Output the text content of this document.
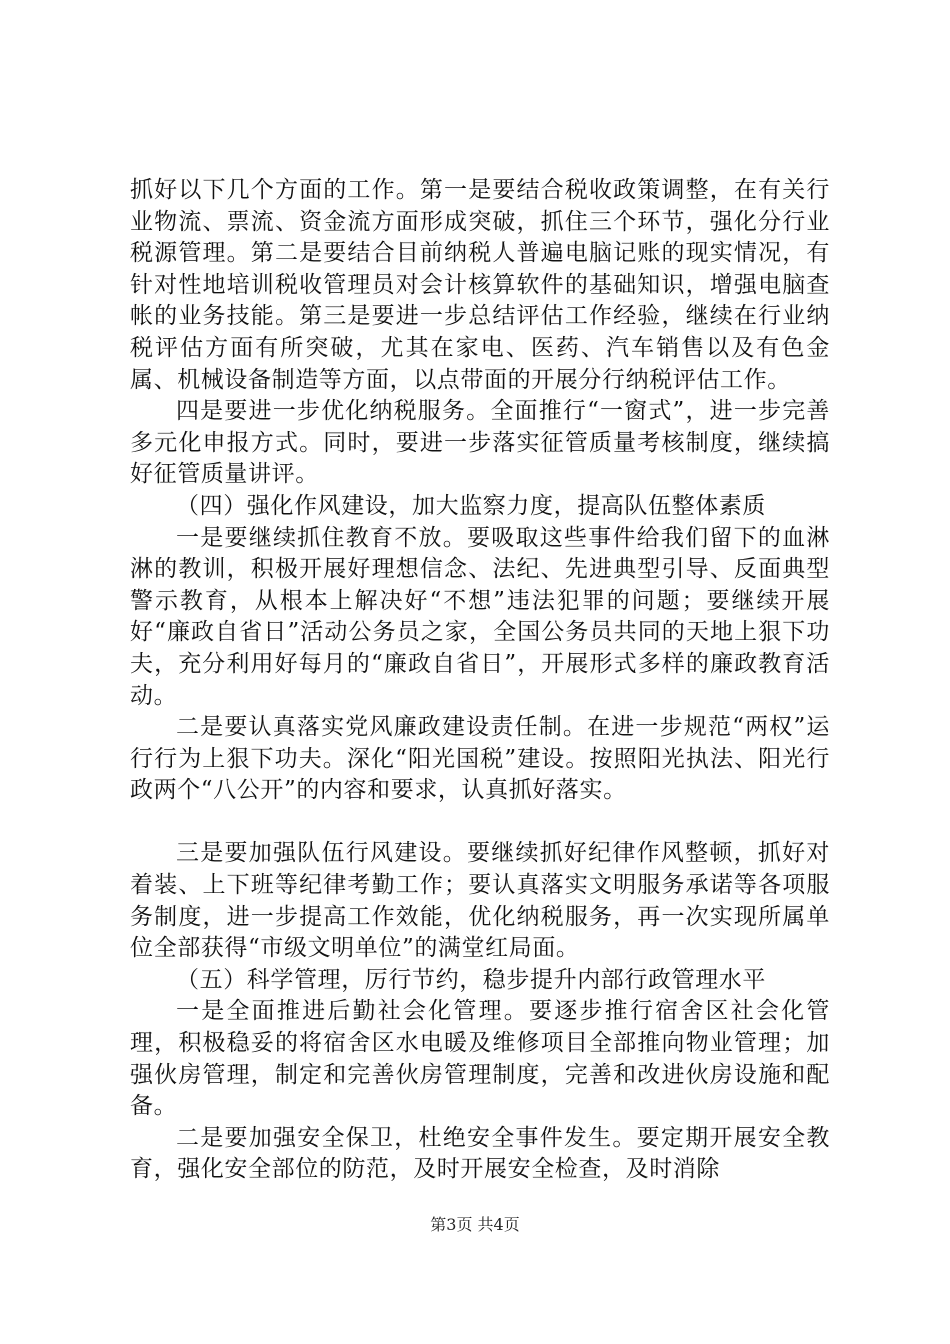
抓好以下几个方面的工作。第一是要结合税收政策调整，在有关行业物流、票流、资金流方面形成突破，抓住三个环节，强化分行业税源管理。第二是要结合目前纳税人普遍电脑记账的现实情况，有针对性地培训税收管理员对会计核算软件的基础知识，增强电脑查帐的业务技能。第三是要进一步总结评估工作经验，继续在行业纳税评估方面有所突破，尤其在家电、医药、汽车销售以及有色金属、机械设备制造等方面，以点带面的开展分行纳税评估工作。

四是要进一步优化纳税服务。全面推行“一窗式”，进一步完善多元化申报方式。同时，要进一步落实征管质量考核制度，继续搞好征管质量讲评。

（四）强化作风建设，加大监察力度，提高队伍整体素质

一是要继续抓住教育不放。要吸取这些事件给我们留下的血淋淋的教训，积极开展好理想信念、法纪、先进典型引导、反面典型警示教育，从根本上解决好“不想”违法犯罪的问题；要继续开展好“廉政自省日”活动公务员之家，全国公务员共同的天地上狠下功夫，充分利用好每月的“廉政自省日”，开展形式多样的廉政教育活动。

二是要认真落实党风廉政建设责任制。在进一步规范“两权”运行行为上狠下功夫。深化“阳光国税”建设。按照阳光执法、阳光行政两个“八公开”的内容和要求，认真抓好落实。

三是要加强队伍行风建设。要继续抓好纪律作风整顿，抓好对着装、上下班等纪律考勤工作；要认真落实文明服务承诺等各项服务制度，进一步提高工作效能，优化纳税服务，再一次实现所属单位全部获得“市级文明单位”的满堂红局面。

（五）科学管理，厉行节约，稳步提升内部行政管理水平

一是全面推进后勤社会化管理。要逐步推行宿舍区社会化管理，积极稳妥的将宿舍区水电暖及维修项目全部推向物业管理；加强伙房管理，制定和完善伙房管理制度，完善和改进伙房设施和配备。

二是要加强安全保卫，杜绝安全事件发生。要定期开展安全教育，强化安全部位的防范，及时开展安全检查，及时消除

第3页 共4页
